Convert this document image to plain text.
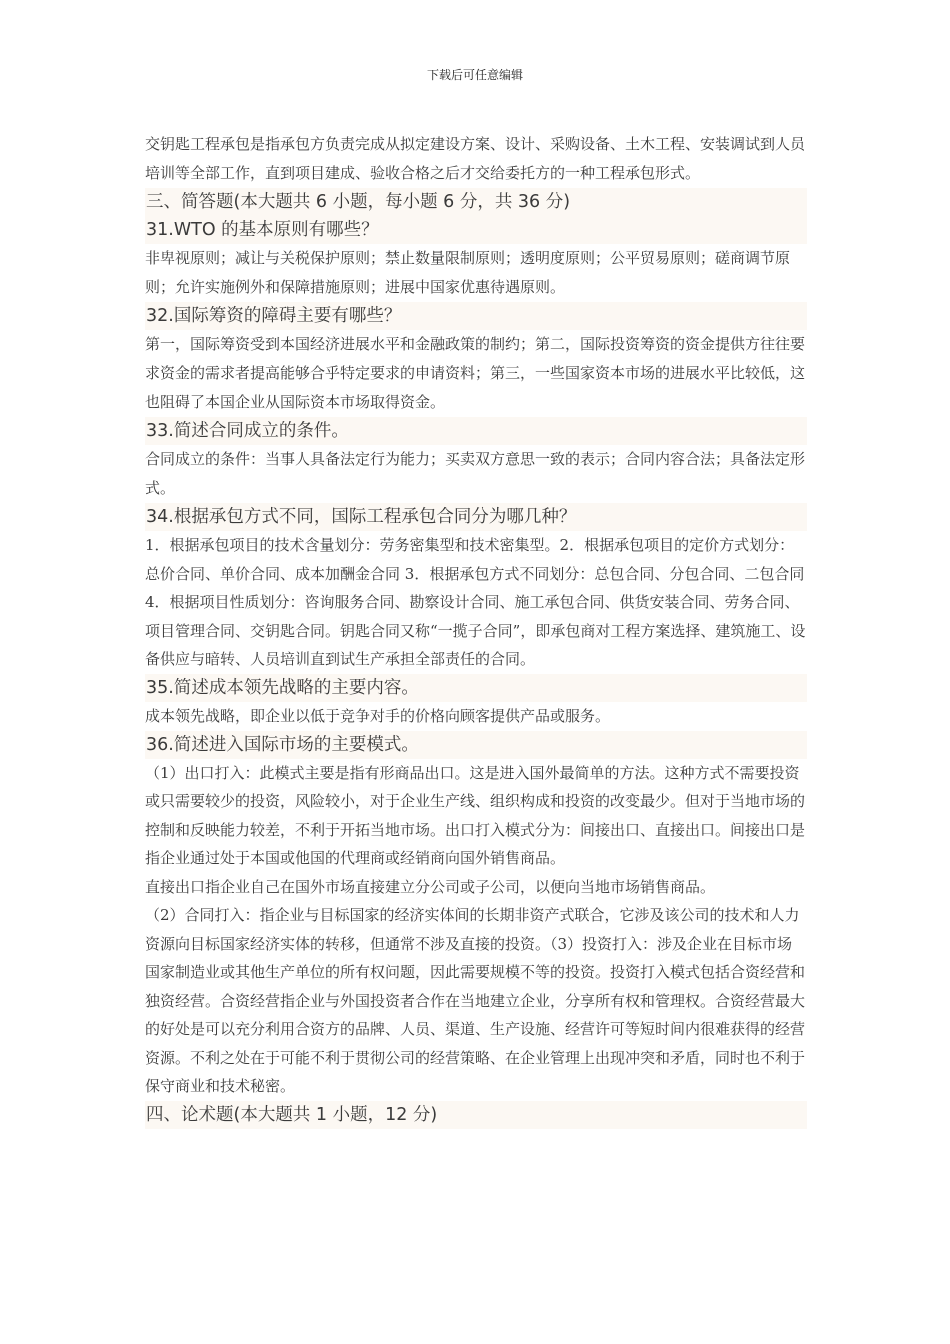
下载后可任意编辑

交钥匙工程承包是指承包方负责完成从拟定建设方案、设计、采购设备、土木工程、安装调试到人员培训等全部工作，直到项目建成、验收合格之后才交给委托方的一种工程承包形式。

三、简答题(本大题共 6 小题，每小题 6 分，共 36 分)

31.WTO 的基本原则有哪些？

非卑视原则；减让与关税保护原则；禁止数量限制原则；透明度原则；公平贸易原则；磋商调节原则；允许实施例外和保障措施原则；进展中国家优惠待遇原则。

32.国际筹资的障碍主要有哪些？

第一，国际筹资受到本国经济进展水平和金融政策的制约；第二，国际投资筹资的资金提供方往往要求资金的需求者提高能够合乎特定要求的申请资料；第三，一些国家资本市场的进展水平比较低，这也阻碍了本国企业从国际资本市场取得资金。

33.简述合同成立的条件。

合同成立的条件：当事人具备法定行为能力；买卖双方意思一致的表示；合同内容合法；具备法定形式。

34.根据承包方式不同，国际工程承包合同分为哪几种？

1．根据承包项目的技术含量划分：劳务密集型和技术密集型。2．根据承包项目的定价方式划分：总价合同、单价合同、成本加酬金合同 3．根据承包方式不同划分：总包合同、分包合同、二包合同 4．根据项目性质划分：咨询服务合同、勘察设计合同、施工承包合同、供货安装合同、劳务合同、项目管理合同、交钥匙合同。钥匙合同又称“一揽子合同”，即承包商对工程方案选择、建筑施工、设备供应与暗转、人员培训直到试生产承担全部责任的合同。

35.简述成本领先战略的主要内容。

成本领先战略，即企业以低于竞争对手的价格向顾客提供产品或服务。

36.简述进入国际市场的主要模式。

（1）出口打入：此模式主要是指有形商品出口。这是进入国外最简单的方法。这种方式不需要投资或只需要较少的投资，风险较小，对于企业生产线、组织构成和投资的改变最少。但对于当地市场的控制和反映能力较差，不利于开拓当地市场。出口打入模式分为：间接出口、直接出口。间接出口是指企业通过处于本国或他国的代理商或经销商向国外销售商品。

直接出口指企业自己在国外市场直接建立分公司或子公司，以便向当地市场销售商品。

（2）合同打入：指企业与目标国家的经济实体间的长期非资产式联合，它涉及该公司的技术和人力资源向目标国家经济实体的转移，但通常不涉及直接的投资。（3）投资打入：涉及企业在目标市场国家制造业或其他生产单位的所有权问题，因此需要规模不等的投资。投资打入模式包括合资经营和独资经营。合资经营指企业与外国投资者合作在当地建立企业，分享所有权和管理权。合资经营最大的好处是可以充分利用合资方的品牌、人员、渠道、生产设施、经营许可等短时间内很难获得的经营资源。不利之处在于可能不利于贯彻公司的经营策略、在企业管理上出现冲突和矛盾，同时也不利于保守商业和技术秘密。

四、论术题(本大题共 1 小题，12 分)
